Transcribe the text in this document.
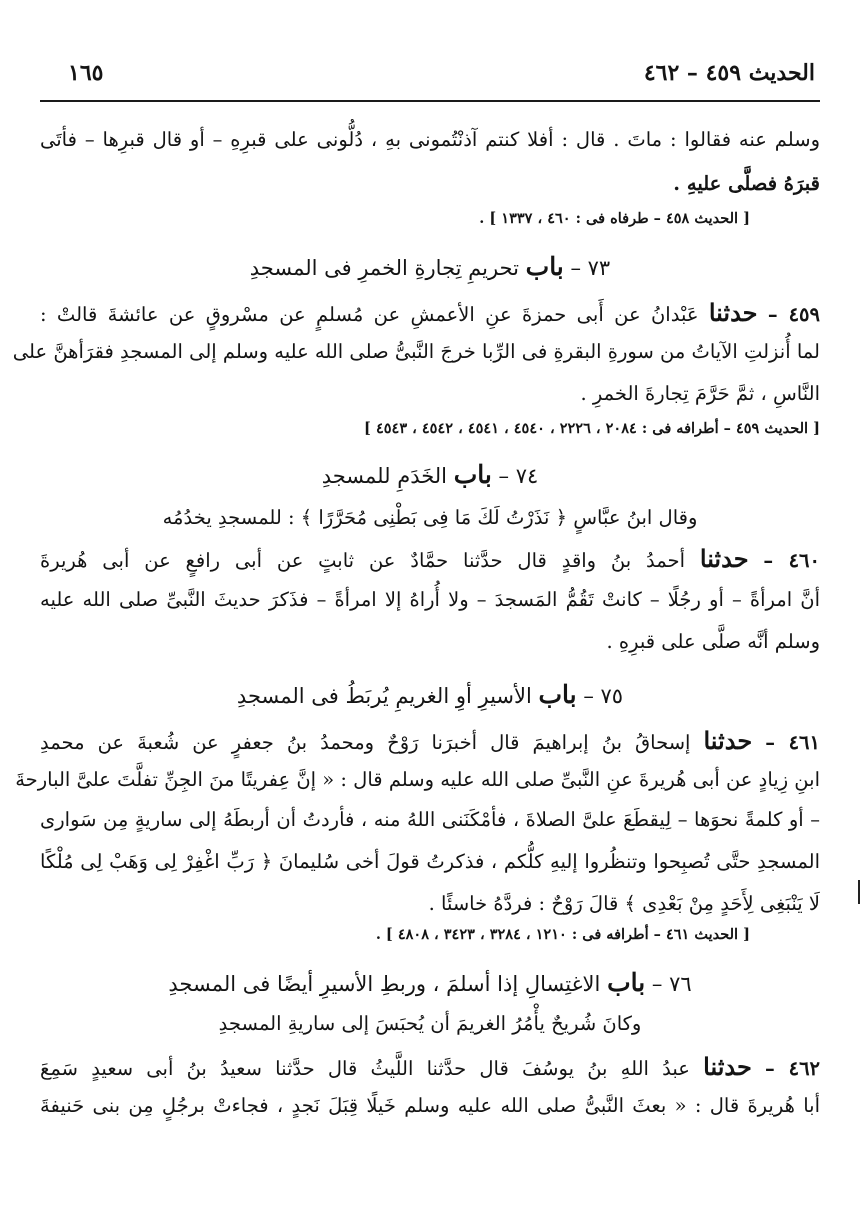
الحديث ٤٥٩ – ٤٦٢
١٦٥
وسلم عنه فقالوا : ماتَ . قال : أفلا كنتم آذنْتُمونى بهِ ، دُلُّونى على قبرِهِ – أو قال قبرِها – فأتَى
قبرَهُ فصلَّى عليهِ .
[ الحديث ٤٥٨ – طرفاه فى : ٤٦٠ ، ١٣٣٧ ] .
٧٣ – باب تحريمِ تِجارةِ الخمرِ فى المسجدِ
٤٥٩ – حدثنا عَبْدانُ عن أَبى حمزةَ عنِ الأعمشِ عن مُسلمٍ عن مسْروقٍ عن عائشةَ قالتْ :
لما أُنزلتِ الآياتُ من سورةِ البقرةِ فى الرِّبا خرجَ النَّبىُّ صلى الله عليه وسلم إلى المسجدِ فقرَأهنَّ على
النَّاسِ ، ثمَّ حَرَّمَ تِجارةَ الخمرِ .
[ الحديث ٤٥٩ – أطرافه فى : ٢٠٨٤ ، ٢٢٢٦ ، ٤٥٤٠ ، ٤٥٤١ ، ٤٥٤٢ ، ٤٥٤٣ ]
٧٤ – باب الخَدَمِ للمسجدِ
وقال ابنُ عبَّاسٍ ﴿ نَذَرْتُ لَكَ مَا فِى بَطْنِى مُحَرَّرًا ﴾ : للمسجدِ يخدُمُه
٤٦٠ – حدثنا أحمدُ بنُ واقدٍ قال حدَّثنا حمَّادٌ عن ثابتٍ عن أبى رافعٍ عن أبى هُريرةَ
أنَّ امرأةً – أو رجُلًا – كانتْ تَقُمُّ المَسجدَ – ولا أُراهُ إلا امرأةً – فذَكرَ حديثَ النَّبىِّ صلى الله عليه
وسلم أنَّه صلَّى على قبرِهِ .
٧٥ – باب الأسيرِ أوِ الغريمِ يُربَطُ فى المسجدِ
٤٦١ – حدثنا إسحاقُ بنُ إبراهيمَ قال أخبرَنا رَوْحٌ ومحمدُ بنُ جعفرٍ عن شُعبةَ عن محمدِ
ابنِ زِيادٍ عن أبى هُريرةَ عنِ النَّبىِّ صلى الله عليه وسلم قال : « إنَّ عِفريتًا منَ الجِنِّ تفلَّتَ علىَّ البارحةَ
– أو كلمةً نحوَها – لِيقطَعَ علىَّ الصلاةَ ، فأمْكَنَنى اللهُ منه ، فأردتُ أن أربطَهُ إلى ساريةٍ مِن سَوارى
المسجدِ حتَّى تُصبِحوا وتنظُروا إليهِ كلُّكم ، فذكرتُ قولَ أخى سُليمانَ ﴿ رَبِّ اغْفِرْ لِى وَهَبْ لِى مُلْكًا
لَا يَنْبَغِى لِأَحَدٍ مِنْ بَعْدِى ﴾ قالَ رَوْحٌ : فردَّهُ خاسئًا .
[ الحديث ٤٦١ – أطرافه فى : ١٢١٠ ، ٣٢٨٤ ، ٣٤٢٣ ، ٤٨٠٨ ] .
٧٦ – باب الاغتِسالِ إذا أسلمَ ، وربطِ الأسيرِ أيضًا فى المسجدِ
وكانَ شُريحٌ يأْمُرُ الغريمَ أن يُحبَسَ إلى ساريةِ المسجدِ
٤٦٢ – حدثنا عبدُ اللهِ بنُ يوسُفَ قال حدَّثنا اللَّيثُ قال حدَّثنا سعيدُ بنُ أبى سعيدٍ سَمِعَ
أبا هُريرةَ قال : « بعثَ النَّبىُّ صلى الله عليه وسلم خَيلًا قِبَلَ نَجدٍ ، فجاءتْ برجُلٍ مِن بنى حَنيفةَ
